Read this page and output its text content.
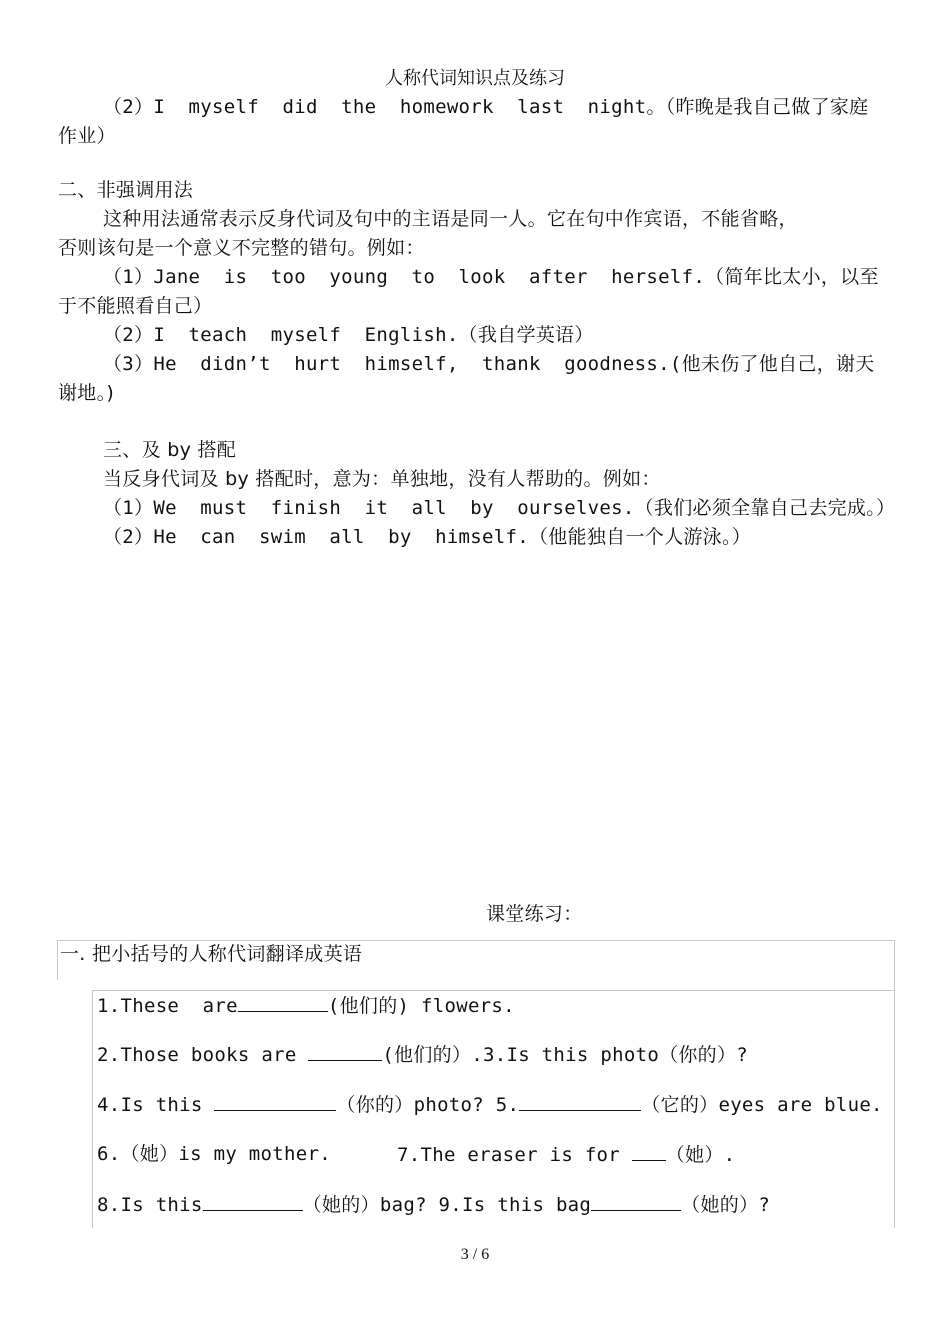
人称代词知识点及练习
（2）I  myself  did  the  homework  last  night。（昨晚是我自己做了家庭
作业）
二、非强调用法
这种用法通常表示反身代词及句中的主语是同一人。它在句中作宾语，不能省略，
否则该句是一个意义不完整的错句。例如：
（1）Jane  is  too  young  to  look  after  herself.（简年比太小，以至
于不能照看自己）
（2）I  teach  myself  English.（我自学英语）
（3）He  didn’t  hurt  himself,  thank  goodness.(他未伤了他自己，谢天
谢地。)
三、及 by 搭配
当反身代词及 by 搭配时，意为：单独地，没有人帮助的。例如：
（1）We  must  finish  it  all  by  ourselves.（我们必须全靠自己去完成。）
（2）He  can  swim  all  by  himself.（他能独自一个人游泳。）
课堂练习：
一. 把小括号的人称代词翻译成英语
1.These  are	(他们的) flowers.
2.Those books are	(他们的）.3.Is this photo（你的）?
4.Is this	（你的）photo? 5.	（它的）eyes are blue.
6.（她）is my mother.	7.The eraser is for （她）.
8.Is this	（她的）bag? 9.Is this bag	（她的）?
3 / 6
